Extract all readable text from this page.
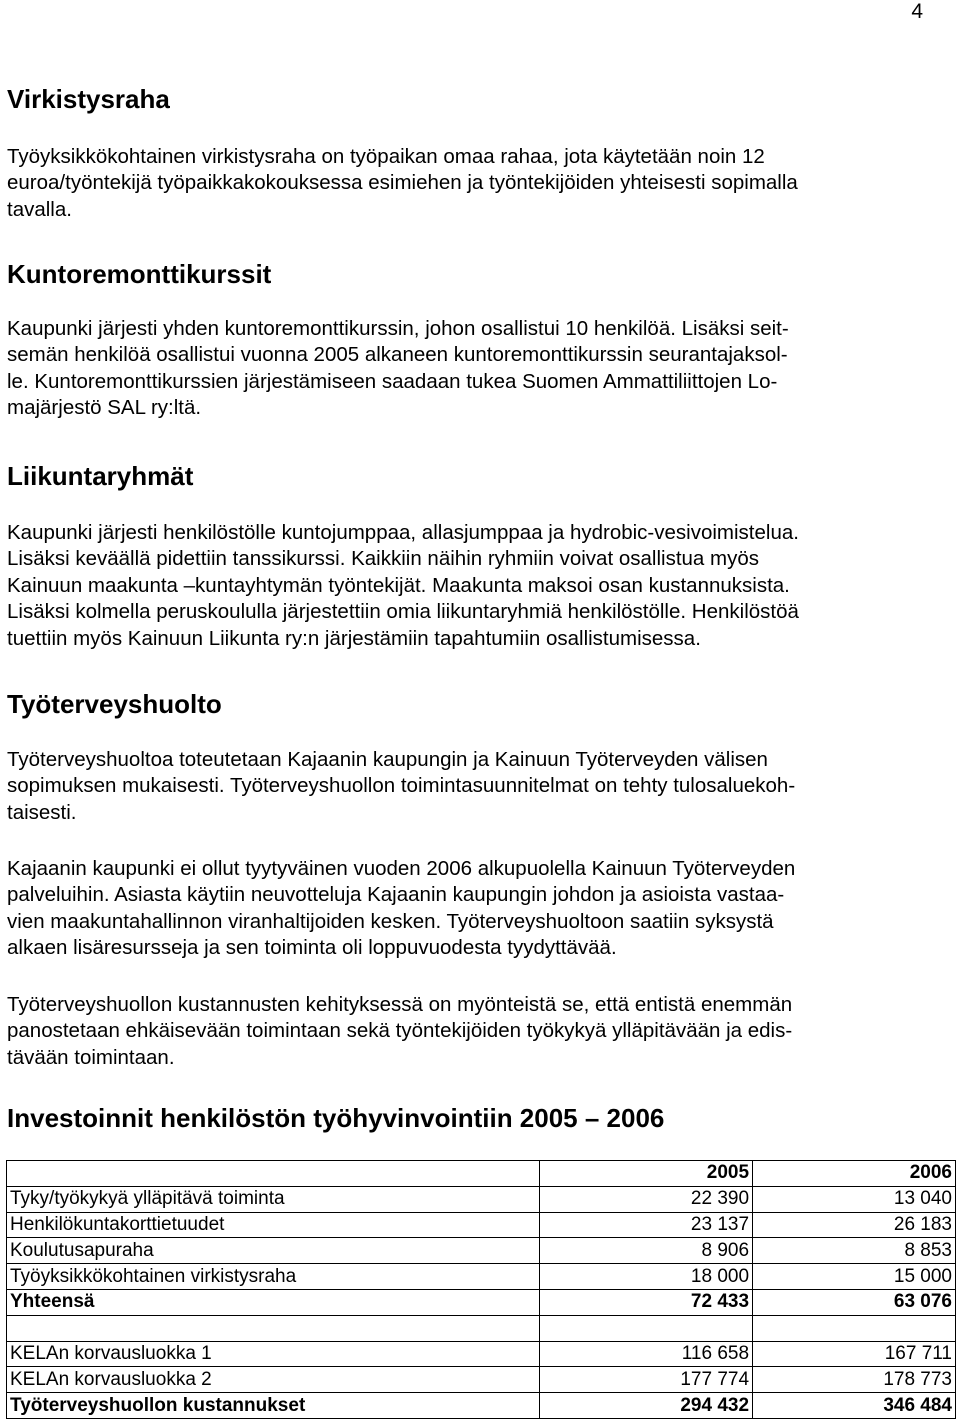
4
Virkistysraha

Työyksikkökohtainen virkistysraha on työpaikan omaa rahaa, jota käytetään noin 12
euroa/työntekijä työpaikkakokouksessa esimiehen ja työntekijöiden yhteisesti sopimalla
tavalla.

Kuntoremonttikurssit

Kaupunki järjesti yhden kuntoremonttikurssin, johon osallistui 10 henkilöä. Lisäksi seit-
semän henkilöä osallistui vuonna 2005 alkaneen kuntoremonttikurssin seurantajaksol-
le. Kuntoremonttikurssien järjestämiseen saadaan tukea Suomen Ammattiliittojen Lo-
majärjestö SAL ry:ltä.

Liikuntaryhmät

Kaupunki järjesti henkilöstölle kuntojumppaa, allasjumppaa ja hydrobic-vesivoimistelua.
Lisäksi keväällä pidettiin tanssikurssi. Kaikkiin näihin ryhmiin voivat osallistua myös
Kainuun maakunta –kuntayhtymän työntekijät. Maakunta maksoi osan kustannuksista.
Lisäksi kolmella peruskoululla järjestettiin omia liikuntaryhmiä henkilöstölle. Henkilöstöä
tuettiin myös Kainuun Liikunta ry:n järjestämiin tapahtumiin osallistumisessa.

Työterveyshuolto

Työterveyshuoltoa toteutetaan Kajaanin kaupungin ja Kainuun Työterveyden välisen
sopimuksen mukaisesti. Työterveyshuollon toimintasuunnitelmat on tehty tulosaluekoh-
taisesti.

Kajaanin kaupunki ei ollut tyytyväinen vuoden 2006 alkupuolella Kainuun Työterveyden
palveluihin. Asiasta käytiin neuvotteluja Kajaanin kaupungin johdon ja asioista vastaa-
vien maakuntahallinnon viranhaltijoiden kesken. Työterveyshuoltoon saatiin syksystä
alkaen lisäresursseja ja sen toiminta oli loppuvuodesta tyydyttävää.

Työterveyshuollon kustannusten kehityksessä on myönteistä se, että entistä enemmän
panostetaan ehkäisevään toimintaan sekä työntekijöiden työkykyä ylläpitävään ja edis-
tävään toimintaan.

Investoinnit henkilöstön työhyvinvointiin 2005 – 2006
	2005	2006
Tyky/työkykyä ylläpitävä toiminta	22 390	13 040
Henkilökuntakorttietuudet	23 137	26 183
Koulutusapuraha	8 906	8 853
Työyksikkökohtainen virkistysraha	18 000	15 000
Yhteensä	72 433	63 076

KELAn korvausluokka 1	116 658	167 711
KELAn korvausluokka 2	177 774	178 773
Työterveyshuollon kustannukset	294 432	346 484
